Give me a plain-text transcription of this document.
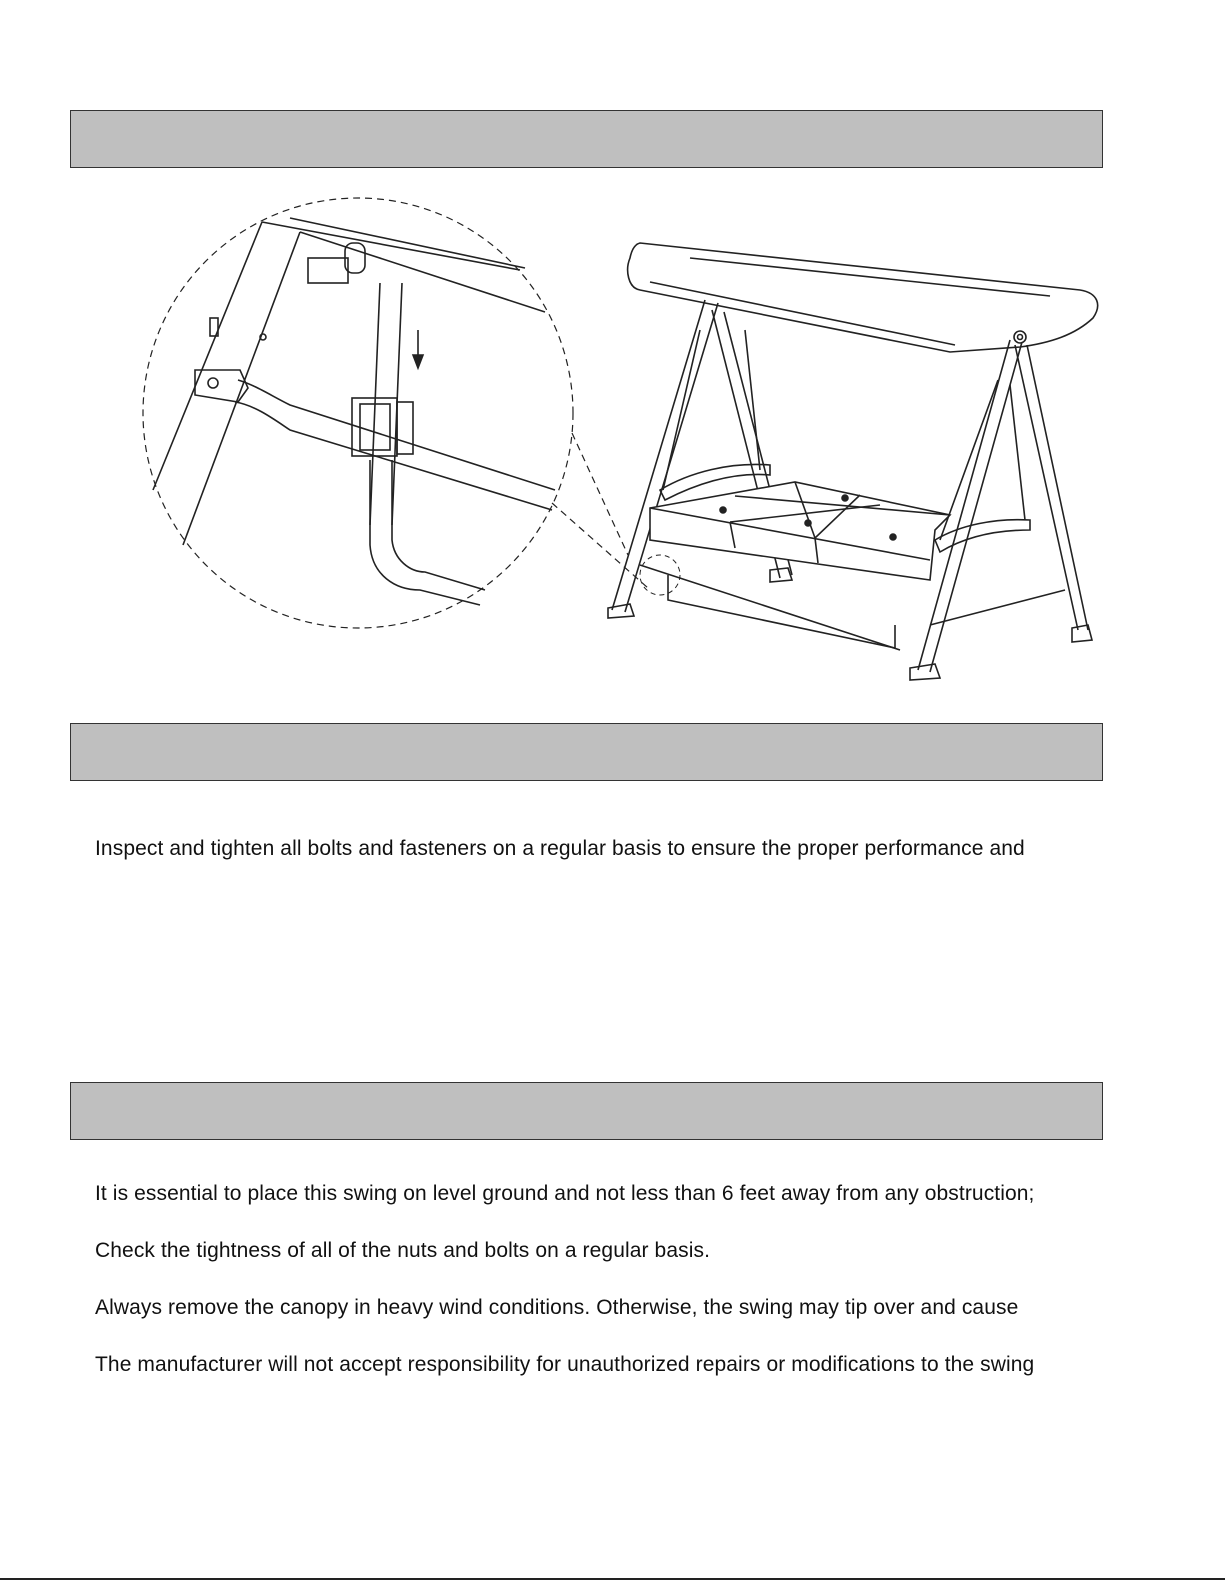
Inspect and tighten all bolts and fasteners on a regular basis to ensure the proper performance and
It is essential to place this swing on level ground and not less than 6 feet away from any obstruction;
Check the tightness of all of the nuts and bolts on a regular basis.
Always remove the canopy in heavy wind conditions. Otherwise, the swing may tip over and cause
The manufacturer will not accept responsibility for unauthorized repairs or modifications to the swing
